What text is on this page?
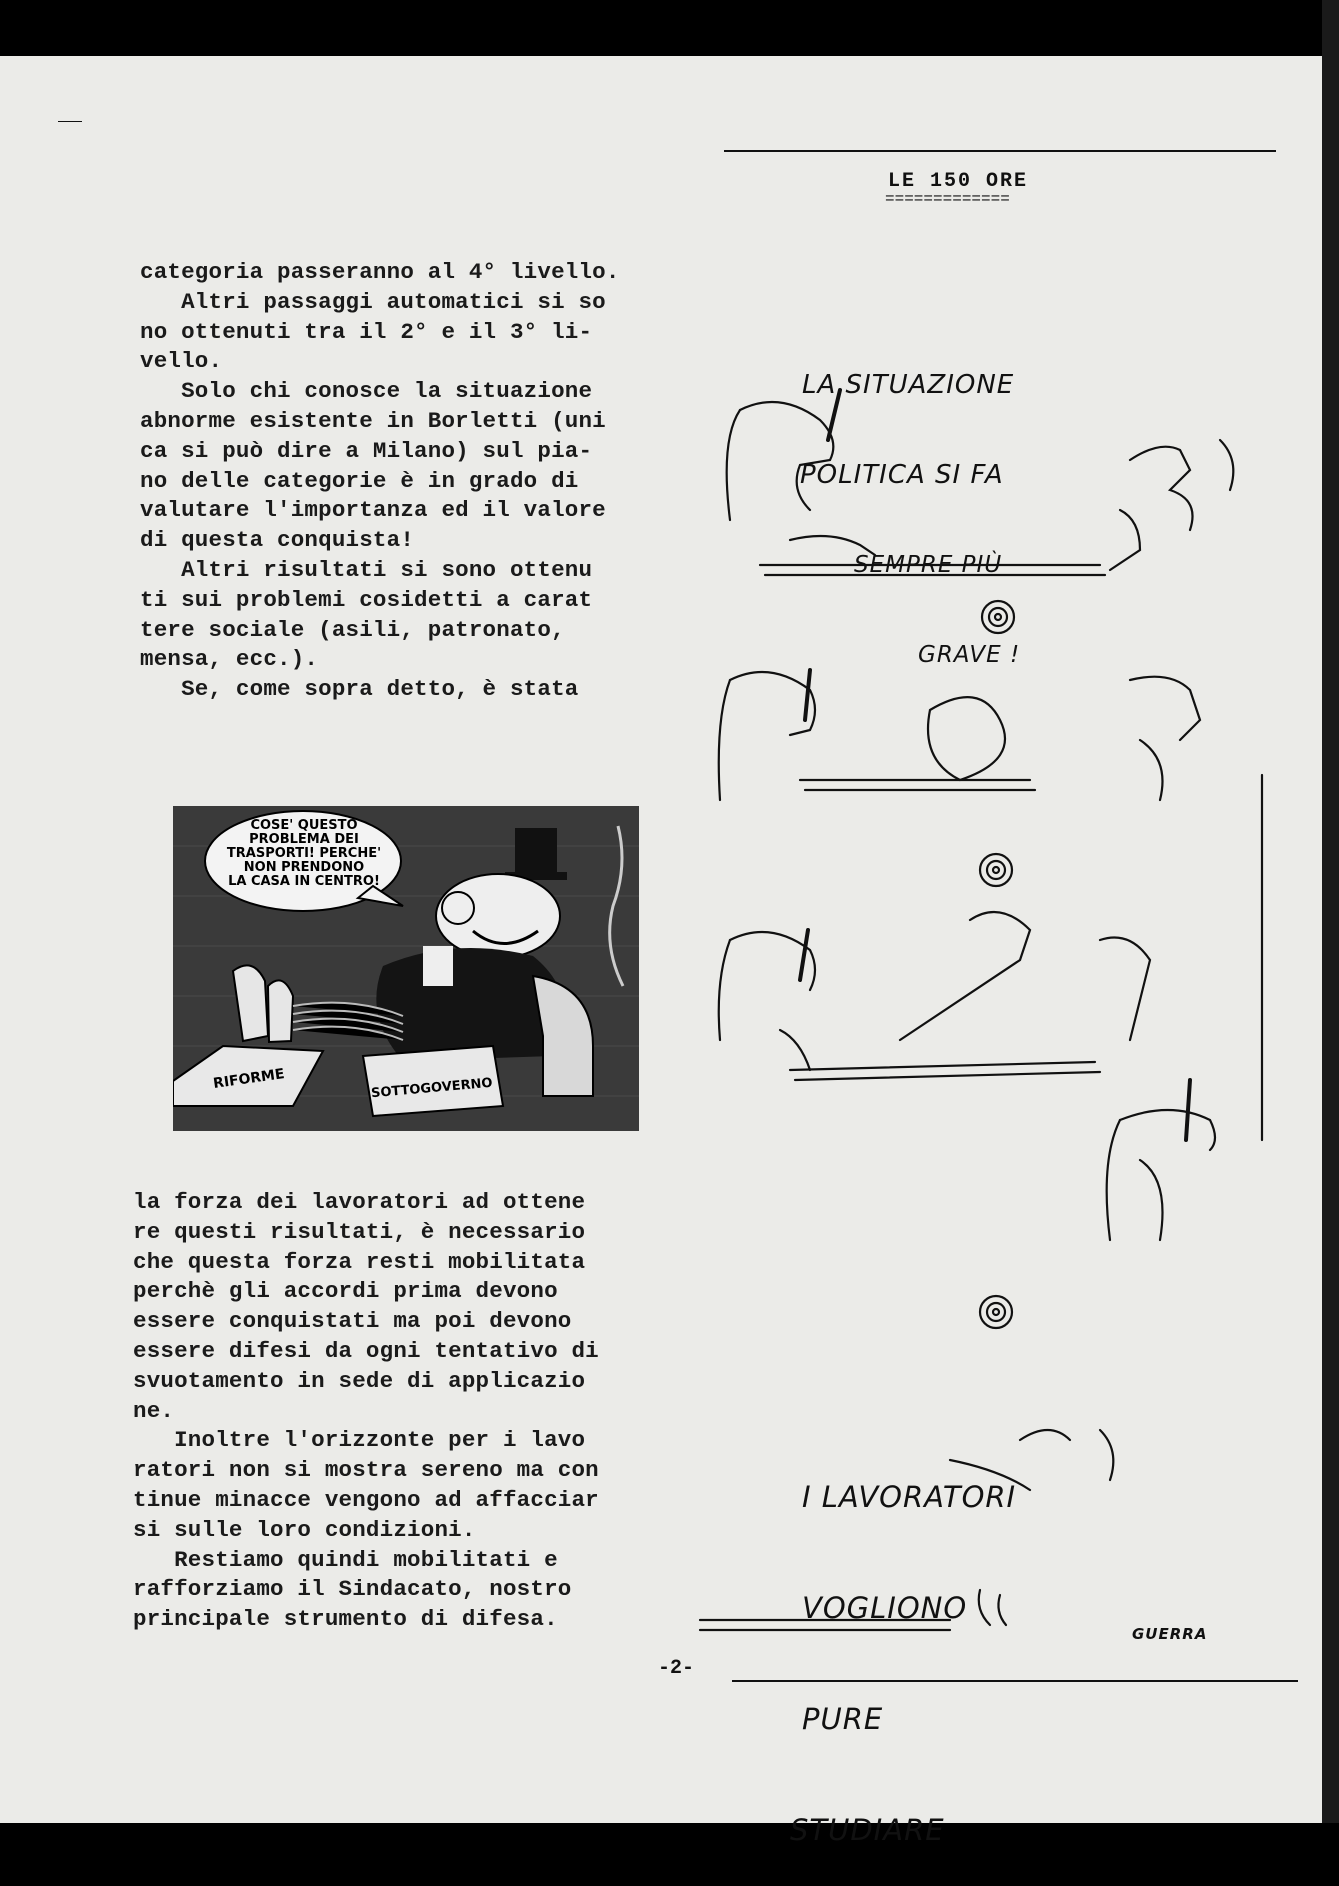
LE 150 ORE
=============
categoria passeranno al 4° livello.
Altri passaggi automatici si so
no ottenuti tra il 2° e il 3° li-
vello.
Solo chi conosce la situazione
abnorme esistente in Borletti (uni
ca si può dire a Milano) sul pia-
no delle categorie è in grado di
valutare l'importanza ed il valore
di questa conquista!
Altri risultati si sono ottenu
ti sui problemi cosidetti a carat
tere sociale (asili, patronato,
mensa, ecc.).
Se, come sopra detto, è stata
COSE' QUESTO
PROBLEMA DEI
TRASPORTI! PERCHE'
NON PRENDONO
LA CASA IN CENTRO!
RIFORME	SOTTOGOVERNO
la forza dei lavoratori ad ottene
re questi risultati, è necessario
che questa forza resti mobilitata
perchè gli accordi prima devono
essere conquistati ma poi devono
essere difesi da ogni tentativo di
svuotamento in sede di applicazio
ne.
Inoltre l'orizzonte per i lavo
ratori non si mostra sereno ma con
tinue minacce vengono ad affacciar
si sulle loro condizioni.
Restiamo quindi mobilitati e
rafforziamo il Sindacato, nostro
principale strumento di difesa.

LA SITUAZIONE

POLITICA SI FA

SEMPRE PIÙ

GRAVE !

I LAVORATORI

VOGLIONO

PURE

STUDIARE

GUERRA
-2-
